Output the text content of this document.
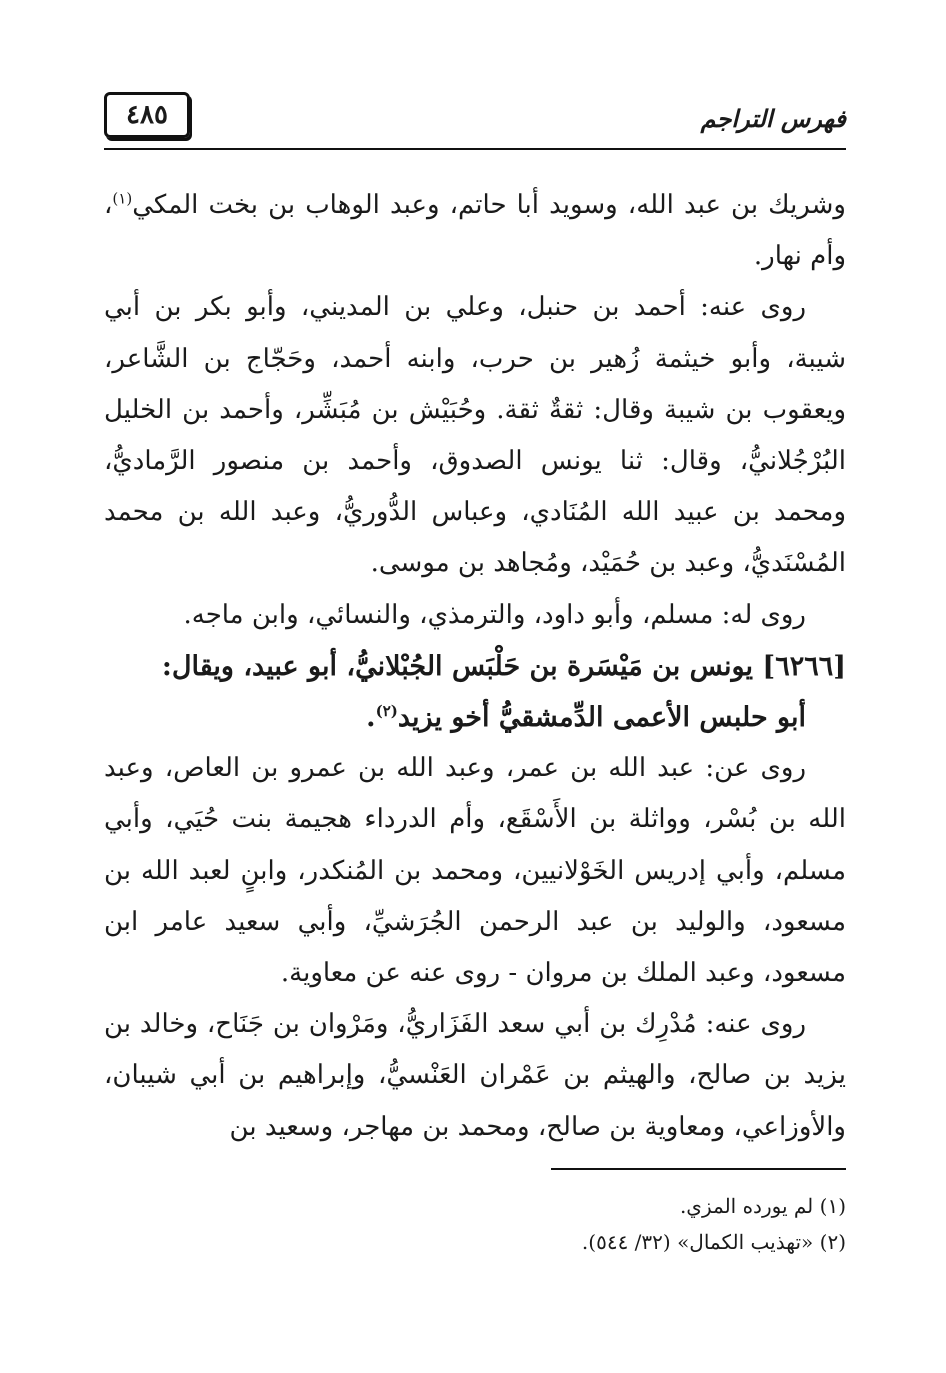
٤٨٥	فهرس التراجم

وشريك بن عبد الله، وسويد أبا حاتم، وعبد الوهاب بن بخت المكي$^{(١)}$، وأم نهار.

روى عنه: أحمد بن حنبل، وعلي بن المديني، وأبو بكر بن أبي شيبة، وأبو خيثمة زُهير بن حرب، وابنه أحمد، وحَجّاج بن الشَّاعر، ويعقوب بن شيبة وقال: ثقةٌ ثقة. وحُبَيْش بن مُبَشِّر، وأحمد بن الخليل البُرْجُلانيُّ، وقال: ثنا يونس الصدوق، وأحمد بن منصور الرَّماديُّ، ومحمد بن عبيد الله المُنَادي، وعباس الدُّوريُّ، وعبد الله بن محمد المُسْنَديُّ، وعبد بن حُمَيْد، ومُجاهد بن موسى.

روى له: مسلم، وأبو داود، والترمذي، والنسائي، وابن ماجه.

[٦٢٦٦] يونس بن مَيْسَرة بن حَلْبَس الجُبْلانيُّ، أبو عبيد، ويقال:
أبو حلبس الأعمى الدِّمشقيُّ أخو يزيد$^{(٢)}$.

روى عن: عبد الله بن عمر، وعبد الله بن عمرو بن العاص، وعبد الله بن بُسْر، وواثلة بن الأَسْقَع، وأم الدرداء هجيمة بنت حُيَي، وأبي مسلم، وأبي إدريس الخَوْلانيين، ومحمد بن المُنكدر، وابنٍ لعبد الله بن مسعود، والوليد بن عبد الرحمن الجُرَشيِّ، وأبي سعيد عامر ابن مسعود، وعبد الملك بن مروان - روى عنه عن معاوية.

روى عنه: مُدْرِك بن أبي سعد الفَزَاريُّ، ومَرْوان بن جَنَاح، وخالد بن يزيد بن صالح، والهيثم بن عَمْران العَنْسيُّ، وإبراهيم بن أبي شيبان، والأوزاعي، ومعاوية بن صالح، ومحمد بن مهاجر، وسعيد بن

(١) لم يورده المزي.

(٢) «تهذيب الكمال» (٣٢/ ٥٤٤).
